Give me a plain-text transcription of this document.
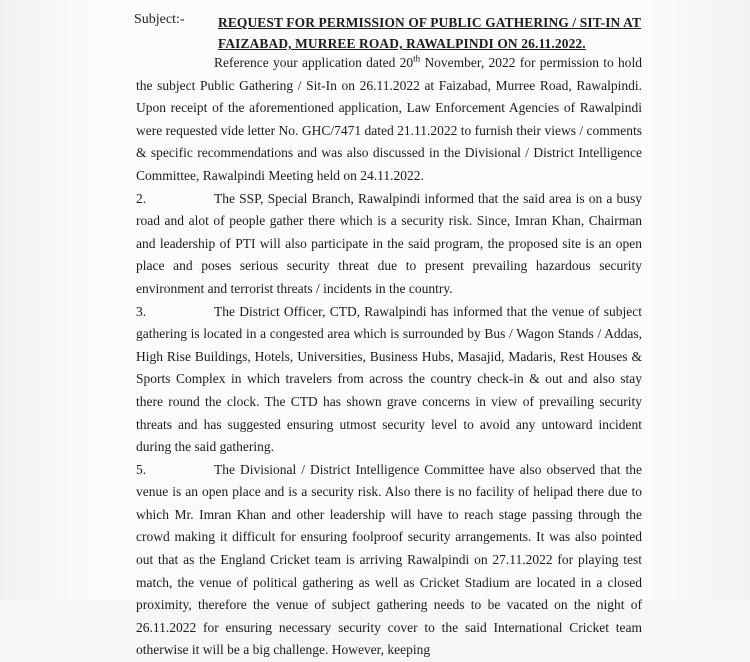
Subject:- REQUEST FOR PERMISSION OF PUBLIC GATHERING / SIT-IN AT FAIZABAD, MURREE ROAD, RAWALPINDI ON 26.11.2022.

Reference your application dated 20th November, 2022 for permission to hold the subject Public Gathering / Sit-In on 26.11.2022 at Faizabad, Murree Road, Rawalpindi. Upon receipt of the aforementioned application, Law Enforcement Agencies of Rawalpindi were requested vide letter No. GHC/7471 dated 21.11.2022 to furnish their views / comments & specific recommendations and was also discussed in the Divisional / District Intelligence Committee, Rawalpindi Meeting held on 24.11.2022.

2.	The SSP, Special Branch, Rawalpindi informed that the said area is on a busy road and alot of people gather there which is a security risk. Since, Imran Khan, Chairman and leadership of PTI will also participate in the said program, the proposed site is an open place and poses serious security threat due to present prevailing hazardous security environment and terrorist threats / incidents in the country.

3.	The District Officer, CTD, Rawalpindi has informed that the venue of subject gathering is located in a congested area which is surrounded by Bus / Wagon Stands / Addas, High Rise Buildings, Hotels, Universities, Business Hubs, Masajid, Madaris, Rest Houses & Sports Complex in which travelers from across the country check-in & out and also stay there round the clock. The CTD has shown grave concerns in view of prevailing security threats and has suggested ensuring utmost security level to avoid any untoward incident during the said gathering.

5.	The Divisional / District Intelligence Committee have also observed that the venue is an open place and is a security risk. Also there is no facility of helipad there due to which Mr. Imran Khan and other leadership will have to reach stage passing through the crowd making it difficult for ensuring foolproof security arrangements. It was also pointed out that as the England Cricket team is arriving Rawalpindi on 27.11.2022 for playing test match, the venue of political gathering as well as Cricket Stadium are located in a closed proximity, therefore the venue of subject gathering needs to be vacated on the night of 26.11.2022 for ensuring necessary security cover to the said International Cricket team otherwise it will be a big challenge. However, keeping
